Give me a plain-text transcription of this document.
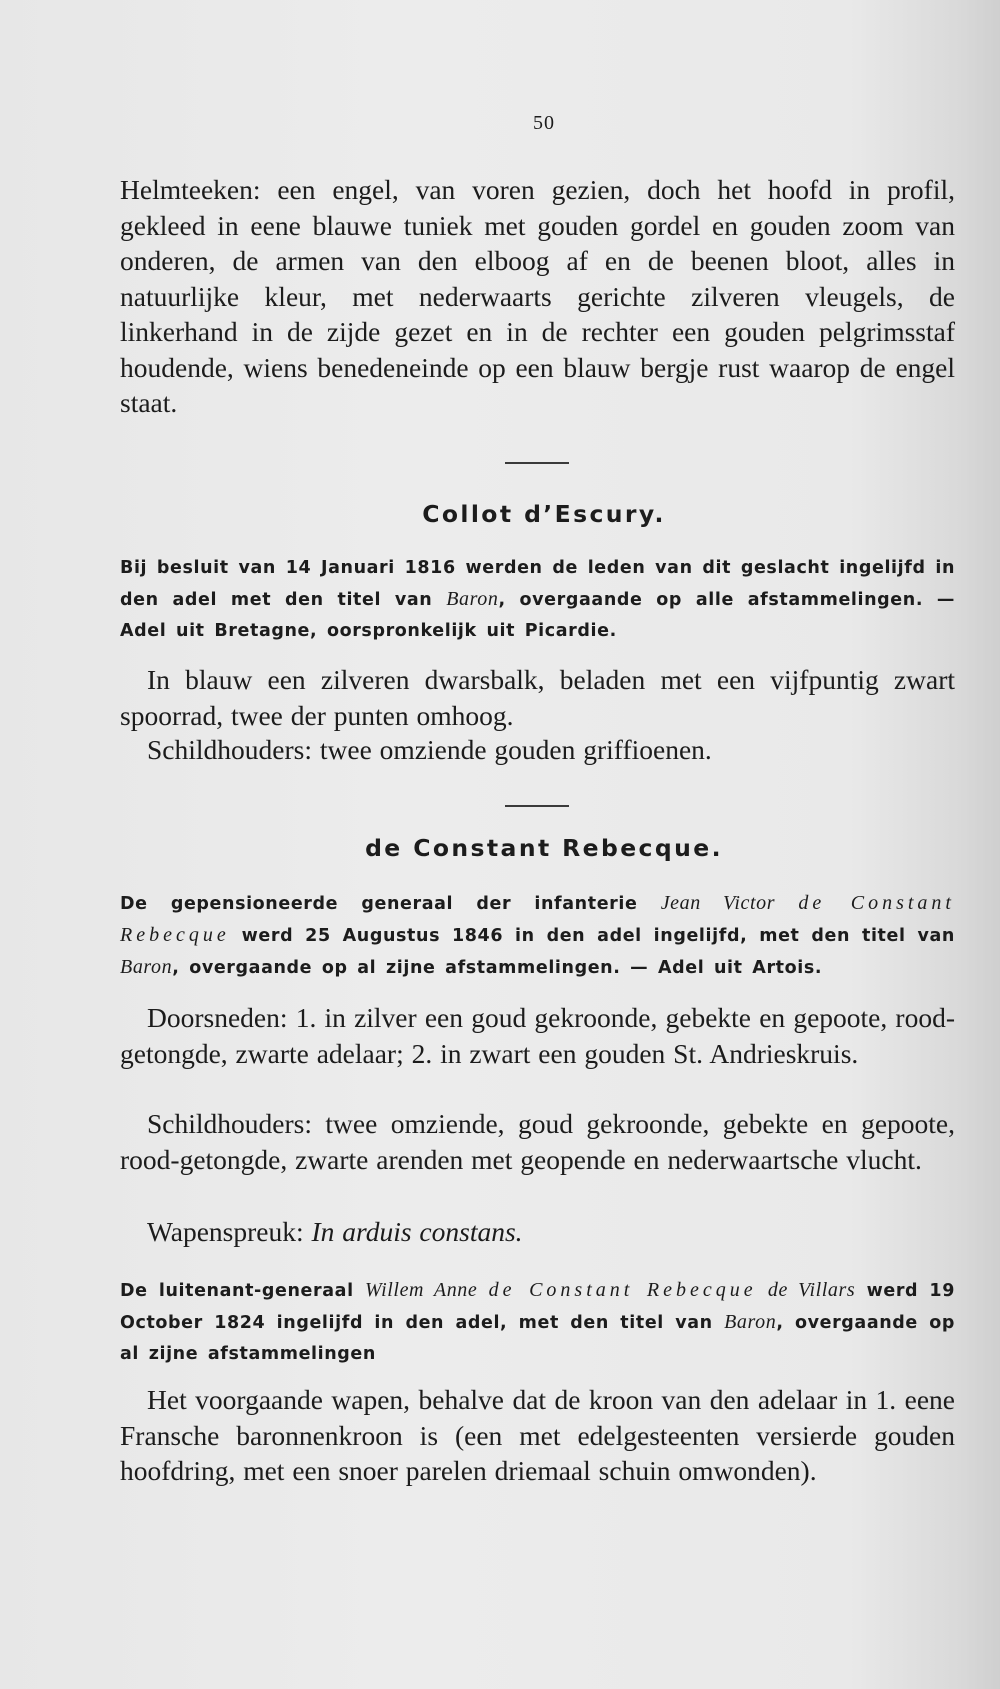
50
Helmteeken: een engel, van voren gezien, doch het hoofd in profil, gekleed in eene blauwe tuniek met gouden gordel en gouden zoom van onderen, de armen van den elboog af en de beenen bloot, alles in natuurlijke kleur, met nederwaarts gerichte zilveren vleugels, de linkerhand in de zijde gezet en in de rechter een gouden pelgrimsstaf houdende, wiens benedeneinde op een blauw bergje rust waarop de engel staat.
Collot d’Escury.
Bij besluit van 14 Januari 1816 werden de leden van dit geslacht ingelijfd in den adel met den titel van Baron, overgaande op alle afstammelingen. — Adel uit Bretagne, oorspronkelijk uit Picardie.
In blauw een zilveren dwarsbalk, beladen met een vijfpuntig zwart spoorrad, twee der punten omhoog.
Schildhouders: twee omziende gouden griffioenen.
de Constant Rebecque.
De gepensioneerde generaal der infanterie Jean Victor de Constant Rebecque werd 25 Augustus 1846 in den adel ingelijfd, met den titel van Baron, overgaande op al zijne afstammelingen. — Adel uit Artois.
Doorsneden: 1. in zilver een goud gekroonde, gebekte en gepoote, rood-getongde, zwarte adelaar; 2. in zwart een gouden St. Andrieskruis.
Schildhouders: twee omziende, goud gekroonde, gebekte en gepoote, rood-getongde, zwarte arenden met geopende en nederwaartsche vlucht.
Wapenspreuk: In arduis constans.
De luitenant-generaal Willem Anne de Constant Rebecque de Villars werd 19 October 1824 ingelijfd in den adel, met den titel van Baron, overgaande op al zijne afstammelingen
Het voorgaande wapen, behalve dat de kroon van den adelaar in 1. eene Fransche baronnenkroon is (een met edelgesteenten versierde gouden hoofdring, met een snoer parelen driemaal schuin omwonden).
